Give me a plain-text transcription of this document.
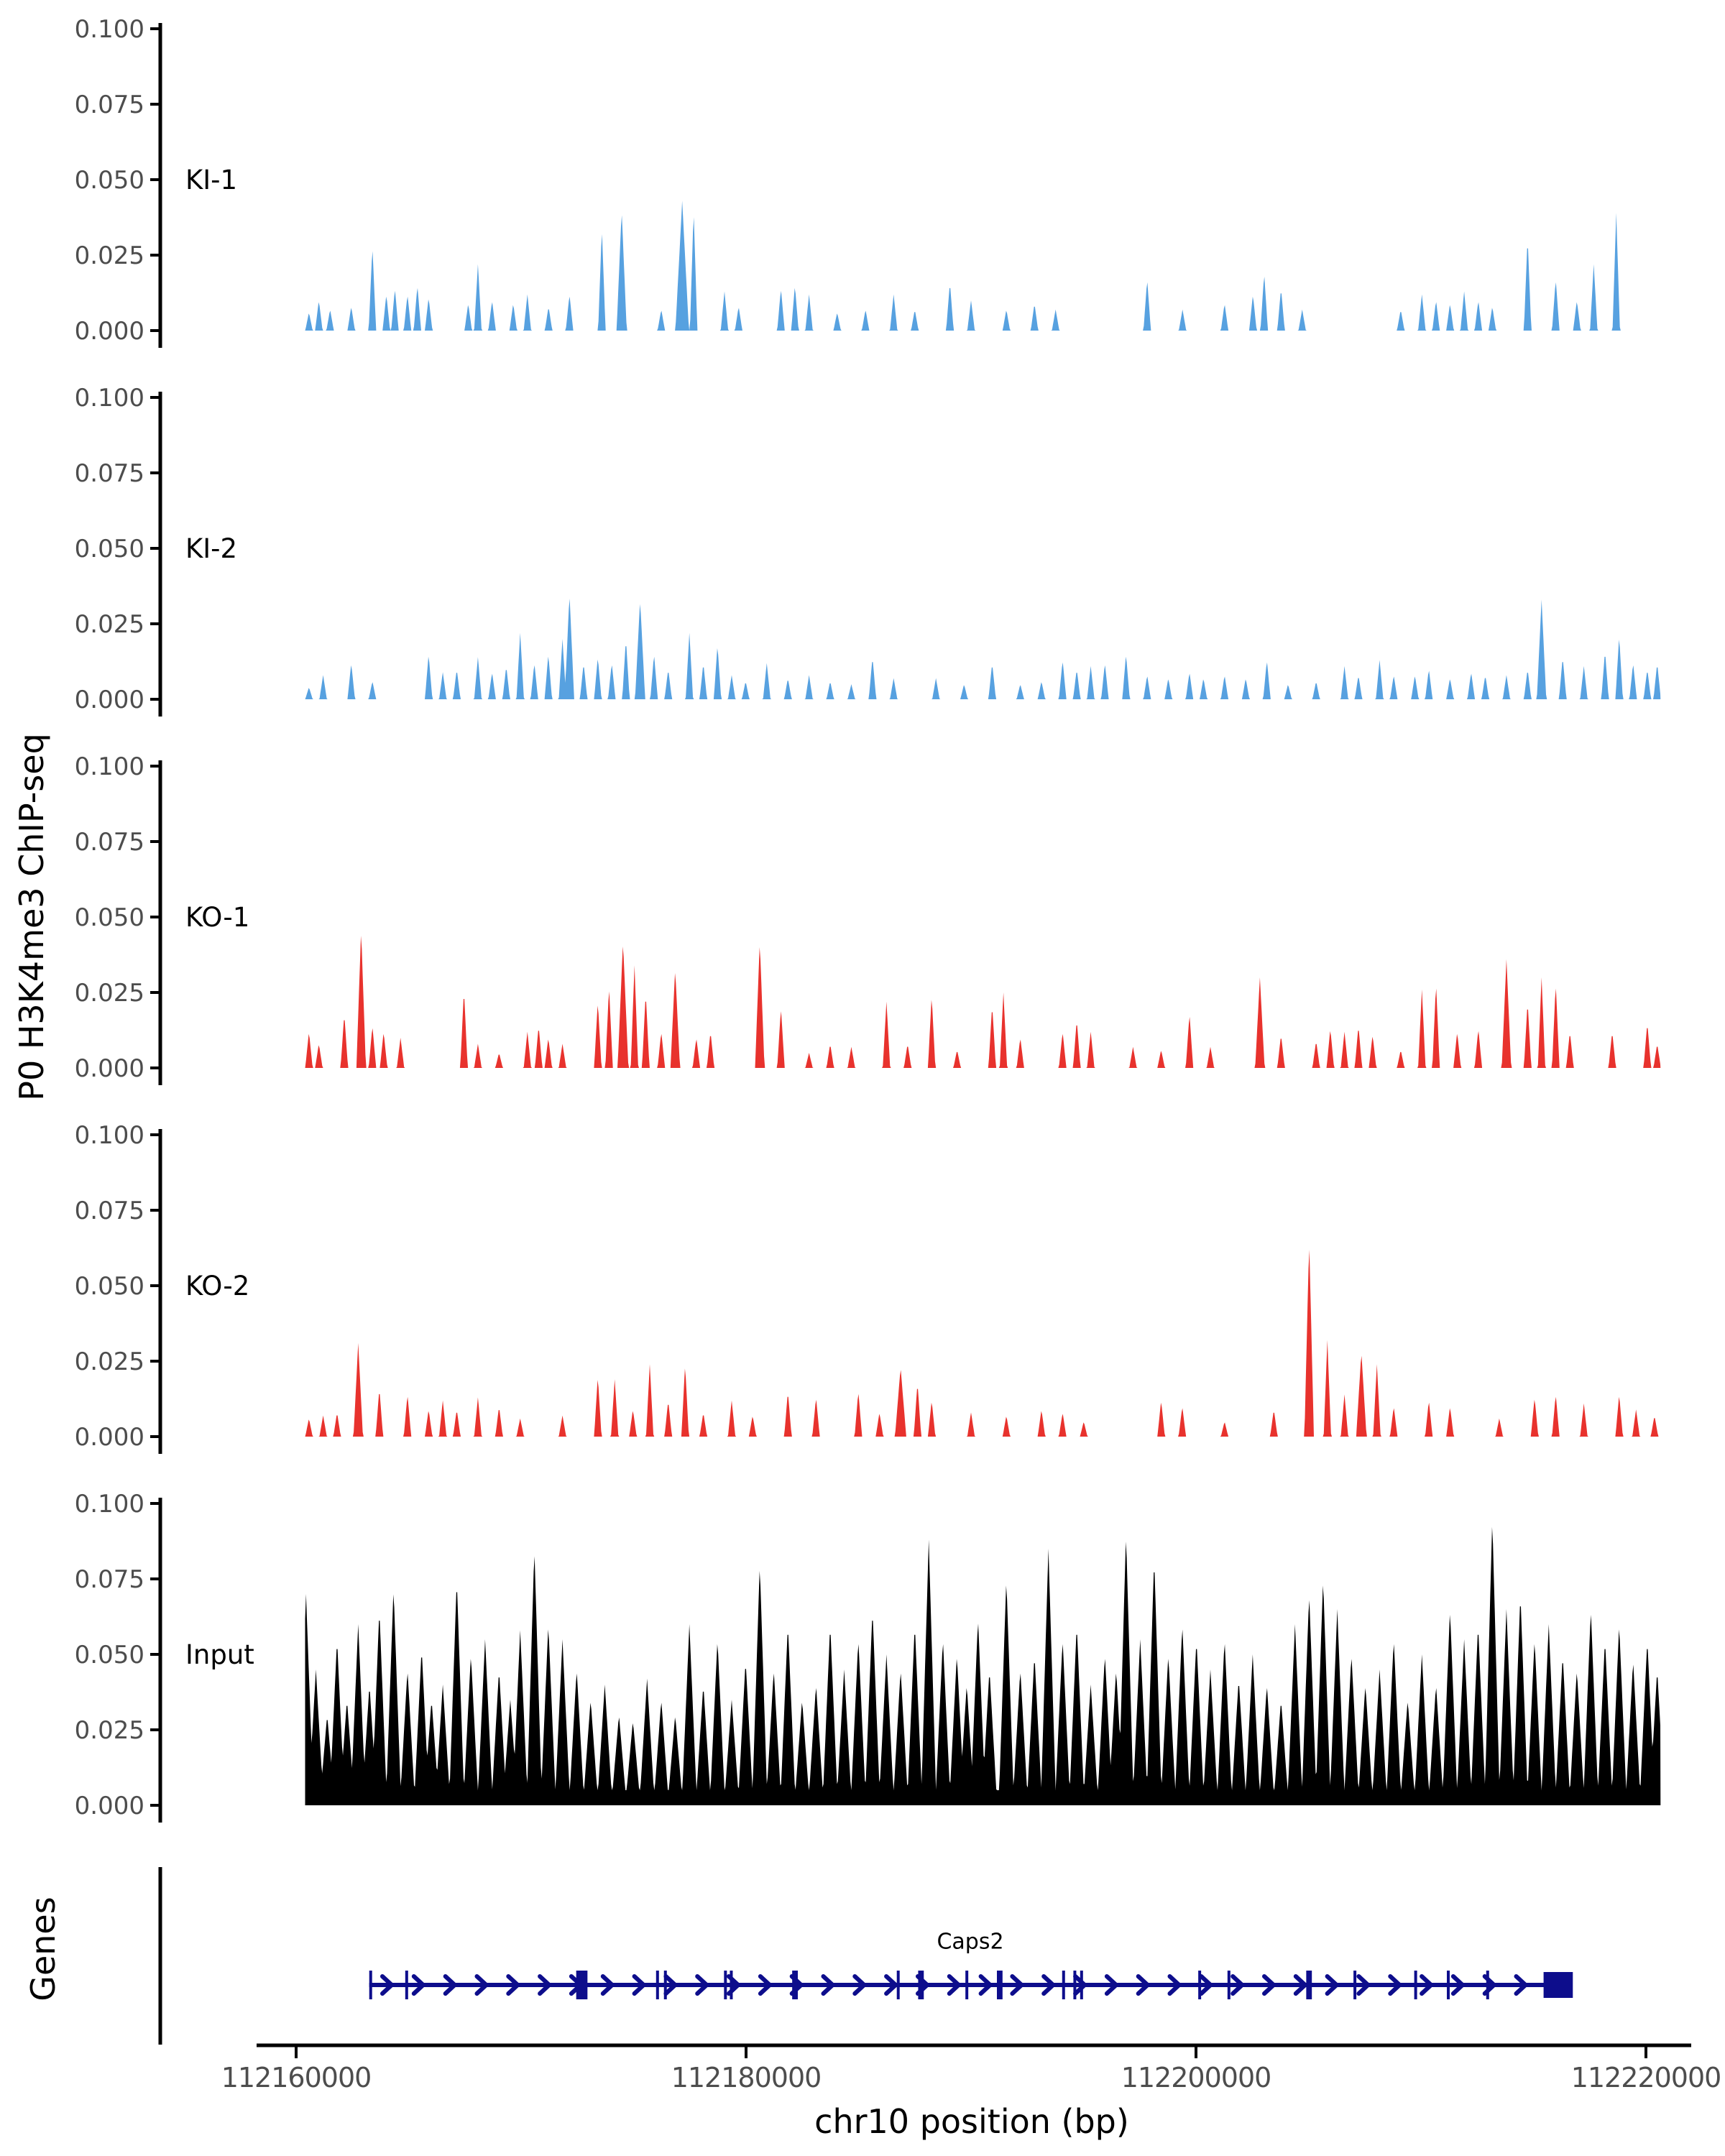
0.000
0.025
0.050
0.075
0.100
KI-1
0.000
0.025
0.050
0.075
0.100
KI-2
0.000
0.025
0.050
0.075
0.100
KO-1
0.000
0.025
0.050
0.075
0.100
KO-2
0.000
0.025
0.050
0.075
0.100
Input
112160000	112180000	112200000	112220000
P0 H3K4me3 ChIP-seq
Genes	Caps2
chr10 position (bp)
